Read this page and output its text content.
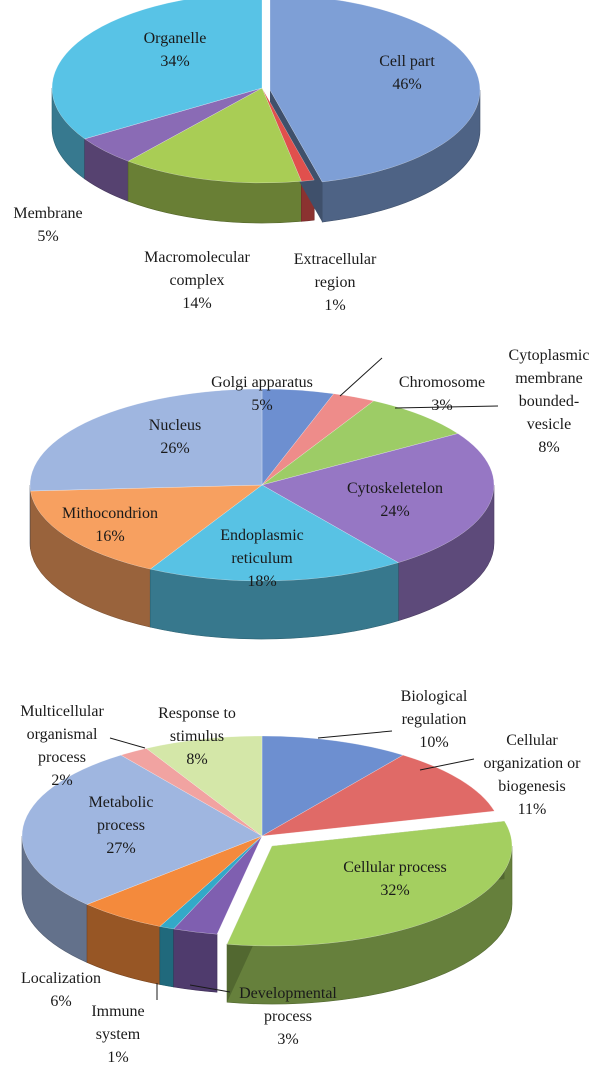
Cell part 46%
Extracellular region 1%
Macromolecular complex 14%
Membrane 5%
Organelle 34%
Golgi apparatus 5%
Chromosome 3%
Cytoplasmic membrane bounded-vesicle 8%
Cytoskeletelon 24%
Endoplasmic reticulum 18%
Mithocondrion 16%
Nucleus 26%
Biological regulation 10%	Cellular organization or biogenesis 11%
Cellular process 32%
Developmental process 3%
Immune system 1%
Localization 6%
Metabolic process 27%
Multicellular organismal process 2%
Response to stimulus 8%
